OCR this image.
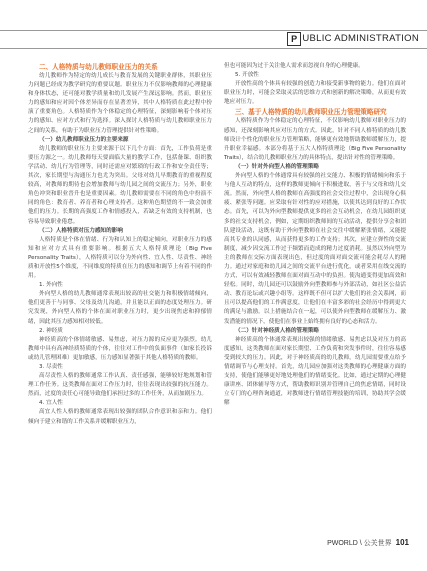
P UBLIC ADMINISTRATION

二、人格特质与幼儿教师职业压力的关系

幼儿教师作为特定的幼儿成长与教育发展的关键职业群体，其职业压力问题已经成为教学研究的重要议题。职业压力不仅影响教师的心理健康和身体状态，还可能对教学质量和幼儿发展产生深远影响。然而，职业压力的感知和应对因个体差异而存在显著差异，其中人格特质在此过程中扮演了重要角色。人格特质作为个体稳定的心理特征，深刻影响着个体对压力的感知、应对方式和行为选择。深入探讨人格特质与幼儿教师职业压力之间的关系，有助于为职业压力管理提供针对性策略。

（一）幼儿教师职业压力的主要来源

幼儿教师的职业压力主要来源于以下几个方面：首先，工作负荷是重要压力源之一。幼儿教师每天要面临大量的教学工作，包括备课、组织教学活动、幼儿行为管理等，同时还需应对繁琐的行政工作和安全责任等；其次，家长期望与沟通压力也尤为突出。父母对幼儿早期教育的重视程度较高，对教师的期待也会增加教师与幼儿园之间的交流压力；另外，职业角色冲突和职业晋升也是重要因素。幼儿教师需要在不同的角色中扮演不同的角色：教育者、养育者和心理支持者。这种角色期望的不一致会加重他们的压力。长期的高强度工作和情感投入，若缺乏有效的支持机制，也容易导致职业倦怠。

（二）人格特质对压力感知的影响

人格特质是个体在情绪、行为和认知上的稳定倾向，对职业压力的感知和应对方式具有重要影响。根据五大人格特质理论（Big Five Personality Traits），人格特质可以分为外向性、宜人性、尽责性、神经质和开放性5个维度，不同维度的特质在压力的感知和调节上有着不同的作用。

1. 外向性

外向型人格的幼儿教师通常表现出较高的社交能力和积极情绪倾向，他们更善于与同事、父母及幼儿沟通，并且能以正面的态度处理压力。研究发现，外向型人格的个体在面对职业压力时，更少出现焦虑和抑郁情绪，因此其压力感知相对较低。

2. 神经质

神经质高的个体情绪敏感、易焦虑，对压力源的反应更为强烈。幼儿教师中具有高神经质特质的个体，往往对工作中的负面事件（如家长投诉或幼儿管理困难）更加敏感，压力感知显著强于其他人格特质的教师。

3. 尽责性

高尽责性人格的教师通常工作认真、责任感强，能够较好地规划和管理工作任务。这类教师在面对工作压力时，往往表现出较强的抗压能力。然而，过度的责任心可能导致他们承担过多的工作任务，从而加剧压力。

4. 宜人性

高宜人性人格的教师通常表现出较强的团队合作意识和亲和力。他们倾向于建立和谐的工作关系并缓解职业压力，

但也可能因为过于关注他人需求而忽视自身的心理健康。

5. 开放性

开放性高的个体具有较强的创造力和接受新事物的能力。他们在面对职业压力时，可能会采取灵活的思维方式和创新的解决策略，从而更有效地应对压力。

三、基于人格特质的幼儿教师职业压力管理策略研究

人格特质作为个体稳定的心理特征，不仅影响幼儿教师对职业压力的感知，还深刻影响其应对压力的方式。因此，针对不同人格特质的幼儿教师设计个性化的职业压力管理策略，能够更有效地帮助教师缓解压力，提升职业幸福感。本部分将基于五大人格特质理论（Big Five Personality Traits），结合幼儿教师职业压力的具体特点，提出针对性的管理策略。

（一）针对外向型人格的管理策略

外向型人格的个体通常具有较强的社交能力、积极的情绪倾向和乐于与他人互动的特点，这样的教师更倾向于积极进取，善于与父母和幼儿交流。然而，外向型人格的教师在高强度的社会交往过程中，会出现身心俱疲、紧张等问题。应采取有针对性的应对措施，以使其达到良好的工作状态。首先，可以为外向型教师提供更多的社会互动机会，在幼儿园组织更多的社交支持机会，例如，定期组织教师间的互动活动，提供分享会和团队建设活动，这既有助于外向型教师在社会交往中缓解紧张情绪，又能提高其专业的认同感，从而获得更多的工作支持；其次，应建立弹性的交流制度，减少因交流工作过于频繁而造成的精力过度消耗。虽然以外向型为主的教师在交际方面表现出色，但过度的面对面交流可能会耗尽人的精力。通过对家庭和幼儿园之间的交流平台进行优化，或者采用在线交流的方式，可以有效减轻教师在面对面互动中的负担。使沟通变得更加高效和轻松。同时，幼儿园还可以鼓励外向型教师参与外部活动，如社区公益活动、教育论坛或兴趣小组等。这样既不但可以扩大他们的社会关系网，而且可以提高他们的工作满意度，让他们在丰富多彩的社会经历中得到更大的满足与激励。以上措施结合在一起，可以使外向型教师在缓解压力、激发潜能的情况下，使他们在事业上始终拥有良好的心态和活力。

（二）针对神经质人格的管理策略

神经质高的个体通常表现出较强的情绪敏感、易焦虑以及对压力的高度感知，这类教师在面对家长期望、工作负荷和突发事件时，往往容易感受到较大的压力。因此，对于神经质高的幼儿教师，幼儿园需要重点给予情绪调节与心理支持。首先，幼儿园应加强对这类教师的心理健康方面的支持，使他们能够更好地处理他们的情绪变化。比如，通过定期的心理健康讲座、团体辅导等方式，帮助教师识别并管理自己的焦虑情绪，同时设立专门的心理咨询通道，对教师进行情绪管理技能的培训，协助其学会缓解

PWORLD \ 公关世界 101
